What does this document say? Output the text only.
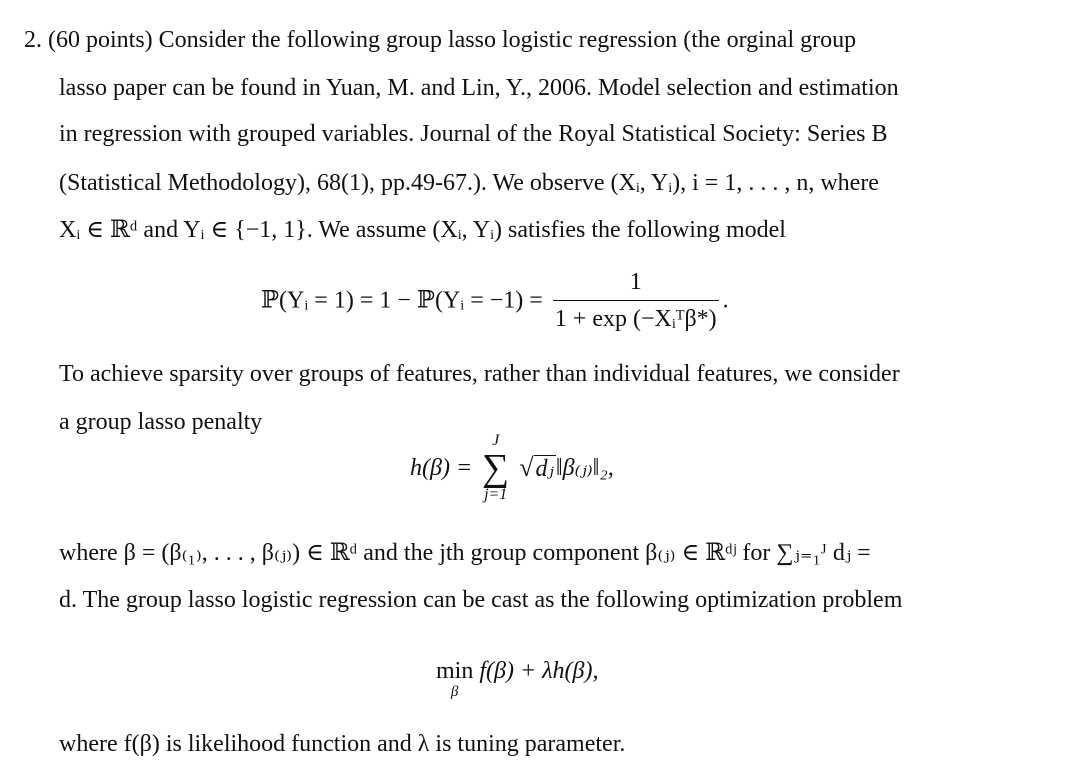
2. (60 points) Consider the following group lasso logistic regression (the orginal group
lasso paper can be found in Yuan, M. and Lin, Y., 2006. Model selection and estimation
in regression with grouped variables. Journal of the Royal Statistical Society: Series B
(Statistical Methodology), 68(1), pp.49-67.). We observe (Xᵢ, Yᵢ), i = 1, . . . , n, where
Xᵢ ∈ ℝᵈ and Yᵢ ∈ {−1, 1}. We assume (Xᵢ, Yᵢ) satisfies the following model
ℙ(Yᵢ = 1) = 1 − ℙ(Yᵢ = $-1) = \frac{1}{\text{1 + exp (−Xᵢᵀβ*)}}$ .
To achieve sparsity over groups of features, rather than individual features, we consider
a group lasso penalty
h(β) =
J
∑
j=1
√dⱼ‖β₍ⱼ₎‖₂,
where β = (β₍₁₎, . . . , β₍ⱼ₎) ∈ ℝᵈ and the jth group component β₍ⱼ₎ ∈ ℝᵈʲ for ∑ⱼ₌₁ᴶ dⱼ =
d. The group lasso logistic regression can be cast as the following optimization problem
min
β
f(β) + λh(β),
where f(β) is likelihood function and λ is tuning parameter.
